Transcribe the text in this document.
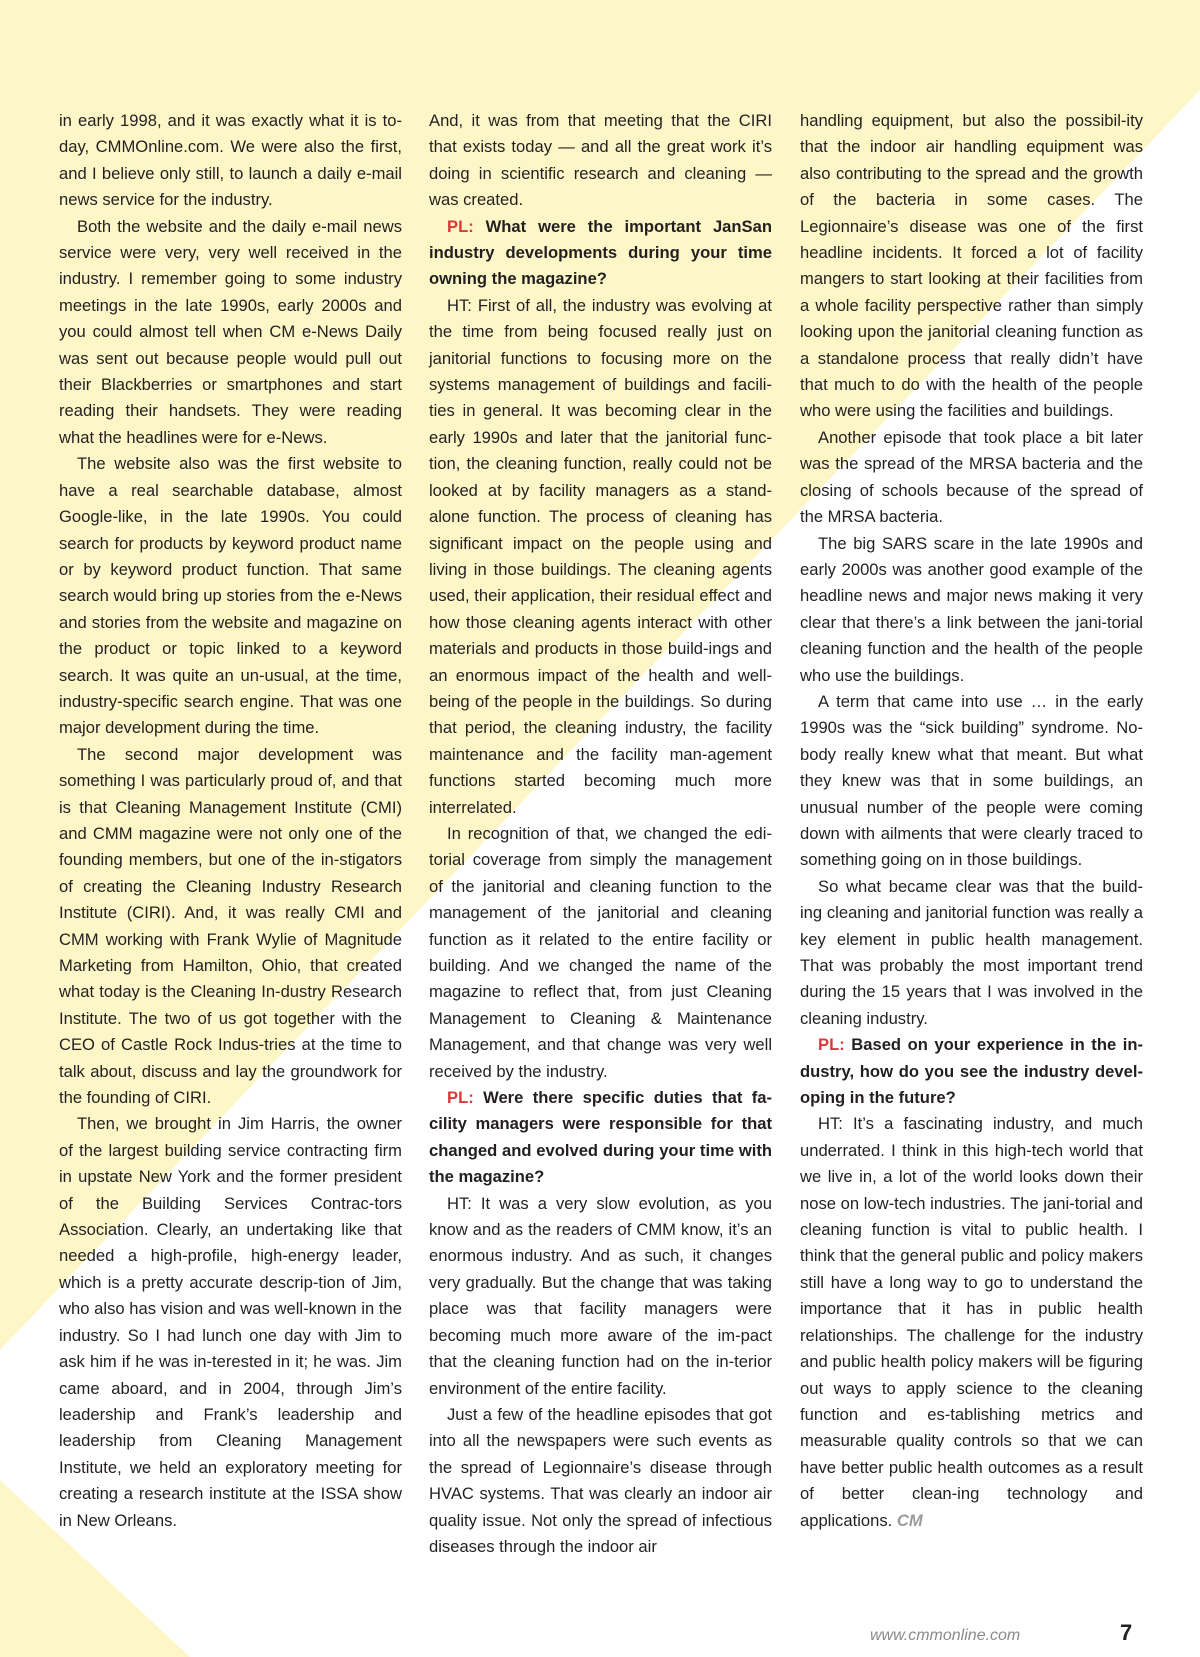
in early 1998, and it was exactly what it is to-day, CMMOnline.com. We were also the first, and I believe only still, to launch a daily e-mail news service for the industry.

Both the website and the daily e-mail news service were very, very well received in the industry. I remember going to some industry meetings in the late 1990s, early 2000s and you could almost tell when CM e-News Daily was sent out because people would pull out their Blackberries or smartphones and start reading their handsets. They were reading what the headlines were for e-News.

The website also was the first website to have a real searchable database, almost Google-like, in the late 1990s. You could search for products by keyword product name or by keyword product function. That same search would bring up stories from the e-News and stories from the website and magazine on the product or topic linked to a keyword search. It was quite an un-usual, at the time, industry-specific search engine. That was one major development during the time.

The second major development was something I was particularly proud of, and that is that Cleaning Management Institute (CMI) and CMM magazine were not only one of the founding members, but one of the in-stigators of creating the Cleaning Industry Research Institute (CIRI). And, it was really CMI and CMM working with Frank Wylie of Magnitude Marketing from Hamilton, Ohio, that created what today is the Cleaning In-dustry Research Institute. The two of us got together with the CEO of Castle Rock Indus-tries at the time to talk about, discuss and lay the groundwork for the founding of CIRI.

Then, we brought in Jim Harris, the owner of the largest building service contracting firm in upstate New York and the former president of the Building Services Contrac-tors Association. Clearly, an undertaking like that needed a high-profile, high-energy leader, which is a pretty accurate descrip-tion of Jim, who also has vision and was well-known in the industry. So I had lunch one day with Jim to ask him if he was in-terested in it; he was. Jim came aboard, and in 2004, through Jim’s leadership and Frank’s leadership and leadership from Cleaning Management Institute, we held an exploratory meeting for creating a research institute at the ISSA show in New Orleans.

And, it was from that meeting that the CIRI that exists today — and all the great work it’s doing in scientific research and cleaning — was created.

PL: What were the important JanSan industry developments during your time owning the magazine?

HT: First of all, the industry was evolving at the time from being focused really just on janitorial functions to focusing more on the systems management of buildings and facili-ties in general. It was becoming clear in the early 1990s and later that the janitorial func-tion, the cleaning function, really could not be looked at by facility managers as a stand-alone function. The process of cleaning has significant impact on the people using and living in those buildings. The cleaning agents used, their application, their residual effect and how those cleaning agents interact with other materials and products in those build-ings and an enormous impact of the health and well-being of the people in the buildings. So during that period, the cleaning industry, the facility maintenance and the facility man-agement functions started becoming much more interrelated.

In recognition of that, we changed the edi-torial coverage from simply the management of the janitorial and cleaning function to the management of the janitorial and cleaning function as it related to the entire facility or building. And we changed the name of the magazine to reflect that, from just Cleaning Management to Cleaning & Maintenance Management, and that change was very well received by the industry.

PL: Were there specific duties that fa-cility managers were responsible for that changed and evolved during your time with the magazine?

HT: It was a very slow evolution, as you know and as the readers of CMM know, it’s an enormous industry. And as such, it changes very gradually. But the change that was taking place was that facility managers were becoming much more aware of the im-pact that the cleaning function had on the in-terior environment of the entire facility.

Just a few of the headline episodes that got into all the newspapers were such events as the spread of Legionnaire’s disease through HVAC systems. That was clearly an indoor air quality issue. Not only the spread of infectious diseases through the indoor air

handling equipment, but also the possibil-ity that the indoor air handling equipment was also contributing to the spread and the growth of the bacteria in some cases. The Legionnaire’s disease was one of the first headline incidents. It forced a lot of facility mangers to start looking at their facilities from a whole facility perspective rather than simply looking upon the janitorial cleaning function as a standalone process that really didn’t have that much to do with the health of the people who were using the facilities and buildings.

Another episode that took place a bit later was the spread of the MRSA bacteria and the closing of schools because of the spread of the MRSA bacteria.

The big SARS scare in the late 1990s and early 2000s was another good example of the headline news and major news making it very clear that there’s a link between the jani-torial cleaning function and the health of the people who use the buildings.

A term that came into use … in the early 1990s was the “sick building” syndrome. No-body really knew what that meant. But what they knew was that in some buildings, an unusual number of the people were coming down with ailments that were clearly traced to something going on in those buildings.

So what became clear was that the build-ing cleaning and janitorial function was really a key element in public health management. That was probably the most important trend during the 15 years that I was involved in the cleaning industry.

PL: Based on your experience in the in-dustry, how do you see the industry devel-oping in the future?

HT: It’s a fascinating industry, and much underrated. I think in this high-tech world that we live in, a lot of the world looks down their nose on low-tech industries. The jani-torial and cleaning function is vital to public health. I think that the general public and policy makers still have a long way to go to understand the importance that it has in public health relationships. The challenge for the industry and public health policy makers will be figuring out ways to apply science to the cleaning function and es-tablishing metrics and measurable quality controls so that we can have better public health outcomes as a result of better clean-ing technology and applications. CM

www.cmmonline.com	7
